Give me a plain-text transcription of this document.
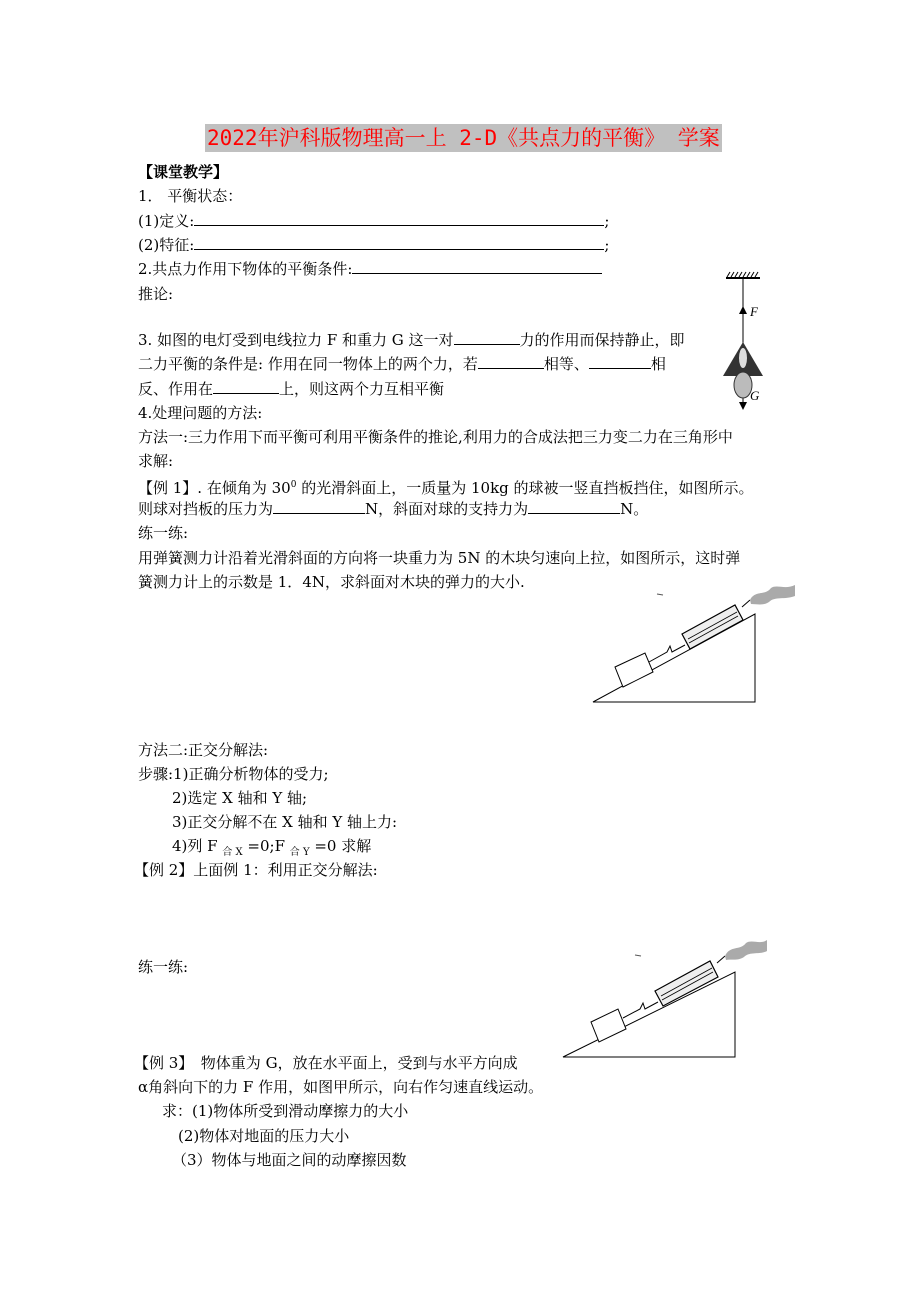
2022年沪科版物理高一上 2-D《共点力的平衡》 学案
【课堂教学】
1． 平衡状态：
(1)定义:	;
(2)特征:	;
2.共点力作用下物体的平衡条件:
推论:
3. 如图的电灯受到电线拉力 F 和重力 G 这一对	力的作用而保持静止，即
二力平衡的条件是: 作用在同一物体上的两个力，若	相等、	相
反、作用在	上，则这两个力互相平衡
4.处理问题的方法:
方法一:三力作用下而平衡可利用平衡条件的推论,利用力的合成法把三力变二力在三角形中
求解:
【例 1】. 在倾角为 $30^0$ 的光滑斜面上，一质量为 10kg 的球被一竖直挡板挡住，如图所示。
则球对挡板的压力为	N，斜面对球的支持力为	N。
练一练:
用弹簧测力计沿着光滑斜面的方向将一块重力为 5N 的木块匀速向上拉，如图所示，这时弹
簧测力计上的示数是 1．4N，求斜面对木块的弹力的大小.
方法二:正交分解法:
步骤:1)正确分析物体的受力;
2)选定 X 轴和 Y 轴;
3)正交分解不在 X 轴和 Y 轴上力:
4)列 F $_{合 X}$ =0;F $_{合 Y}$ =0 求解
【例 2】上面例 1：利用正交分解法:
练一练:
【例 3】　物体重为 G，放在水平面上，受到与水平方向成
α角斜向下的力 F 作用，如图甲所示，向右作匀速直线运动。
求：(1)物体所受到滑动摩擦力的大小
(2)物体对地面的压力大小
（3）物体与地面之间的动摩擦因数
F
G
